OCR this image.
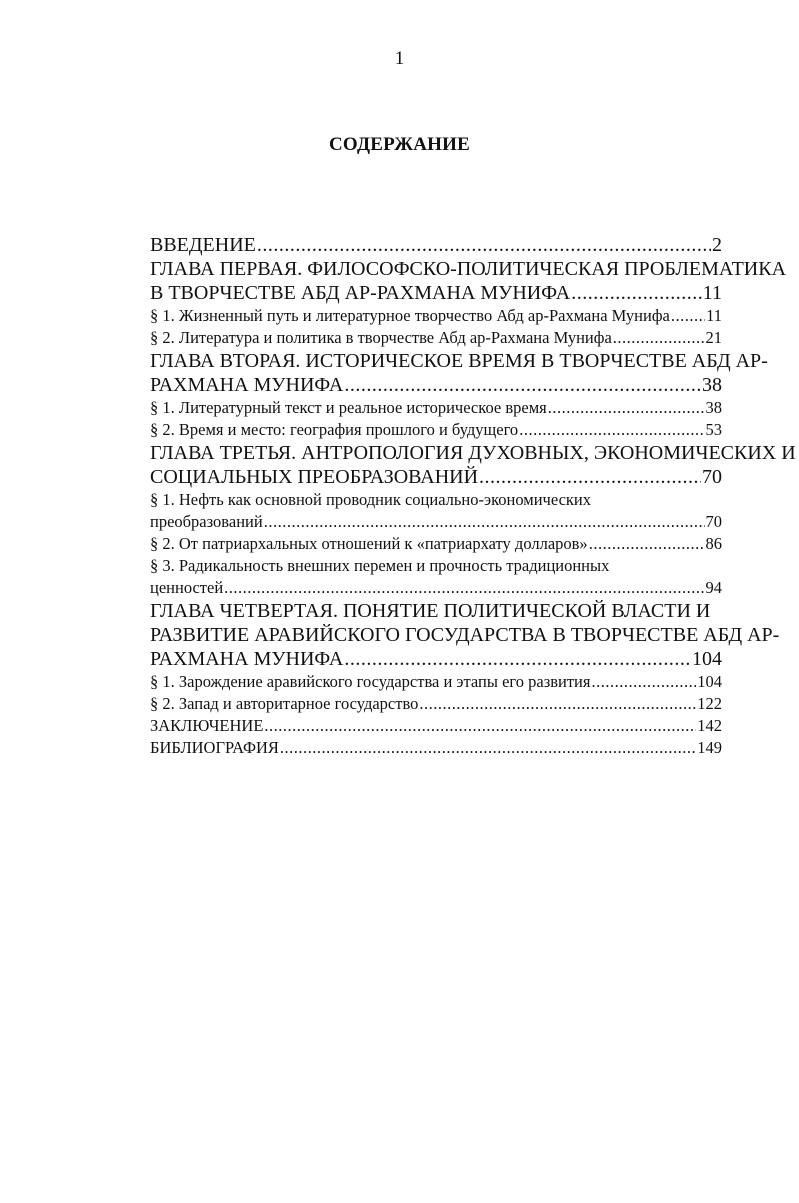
1
СОДЕРЖАНИЕ
ВВЕДЕНИЕ .....	2
ГЛАВА ПЕРВАЯ. ФИЛОСОФСКО-ПОЛИТИЧЕСКАЯ ПРОБЛЕМАТИКА
В ТВОРЧЕСТВЕ АБД АР-РАХМАНА МУНИФА .....	11
§ 1. Жизненный путь и литературное творчество Абд ар-Рахмана Мунифа ..... 11
§ 2. Литература и политика в творчестве Абд ар-Рахмана Мунифа .....	21
ГЛАВА ВТОРАЯ. ИСТОРИЧЕСКОЕ ВРЕМЯ В ТВОРЧЕСТВЕ АБД АР-
РАХМАНА МУНИФА .....	38
§ 1. Литературный текст и реальное историческое время .....	38
§ 2. Время и место: география прошлого и будущего .....	53
ГЛАВА ТРЕТЬЯ. АНТРОПОЛОГИЯ ДУХОВНЫХ, ЭКОНОМИЧЕСКИХ И
СОЦИАЛЬНЫХ ПРЕОБРАЗОВАНИЙ .....	70
§ 1. Нефть как основной проводник социально-экономических
преобразований .....	70
§ 2. От патриархальных отношений к «патриархату долларов» .....	86
§ 3. Радикальность внешних перемен и прочность традиционных
ценностей .....	94
ГЛАВА ЧЕТВЕРТАЯ. ПОНЯТИЕ ПОЛИТИЧЕСКОЙ ВЛАСТИ И
РАЗВИТИЕ АРАВИЙСКОГО ГОСУДАРСТВА В ТВОРЧЕСТВЕ АБД АР-
РАХМАНА МУНИФА .....	104
§ 1. Зарождение аравийского государства и этапы его развития .....	104
§ 2. Запад и авторитарное государство .....	122
ЗАКЛЮЧЕНИЕ .....	142
БИБЛИОГРАФИЯ .....	149
